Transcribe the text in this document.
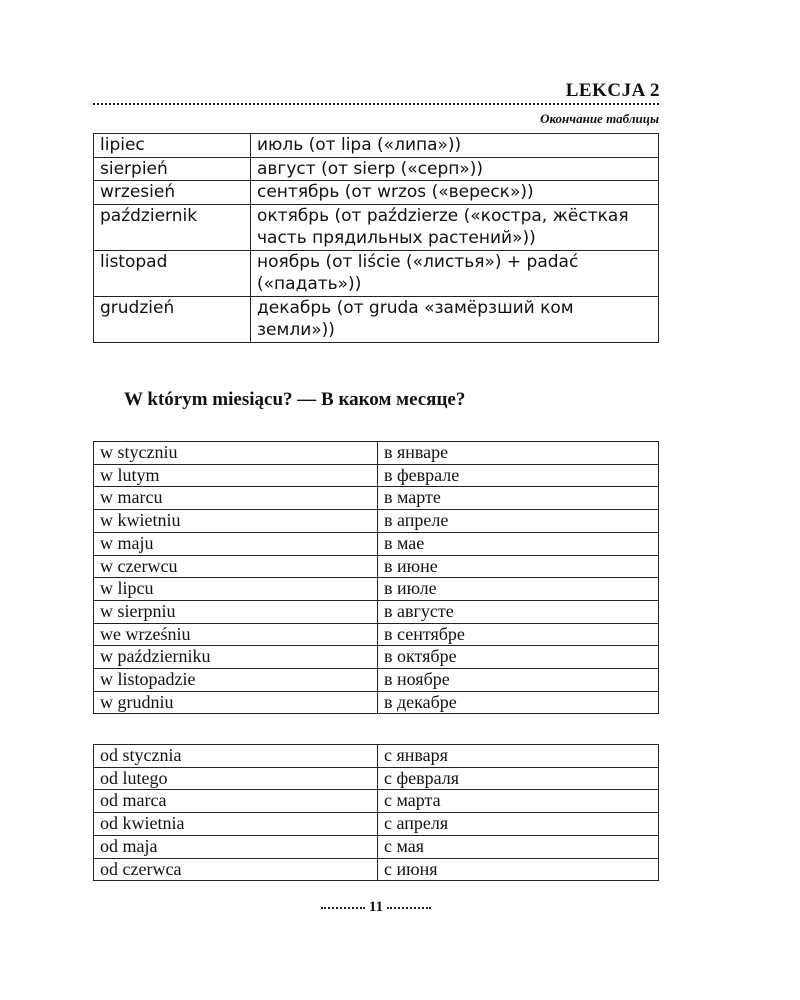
LEKCJA 2
Окончание таблицы
lipiec	июль (от lipa («липа»))
sierpień	август (от sierp («серп»))
wrzesień	сентябрь (от wrzos («вереск»))
październik	октябрь (от paździerze («костра, жёсткая часть прядильных растений»))
listopad	ноябрь (от liście («листья») + padać («падать»))
grudzień	декабрь (от gruda «замёрзший ком земли»))
W którym miesiącu? — В каком месяце?
w styczniu	в январе
w lutym	в феврале
w marcu	в марте
w kwietniu	в апреле
w maju	в мае
w czerwcu	в июне
w lipcu	в июле
w sierpniu	в августе
we wrześniu	в сентябре
w październiku	в октябре
w listopadzie	в ноябре
w grudniu	в декабре
od stycznia	с января
od lutego	с февраля
od marca	с марта
od kwietnia	с апреля
od maja	с мая
od czerwca	с июня
11
